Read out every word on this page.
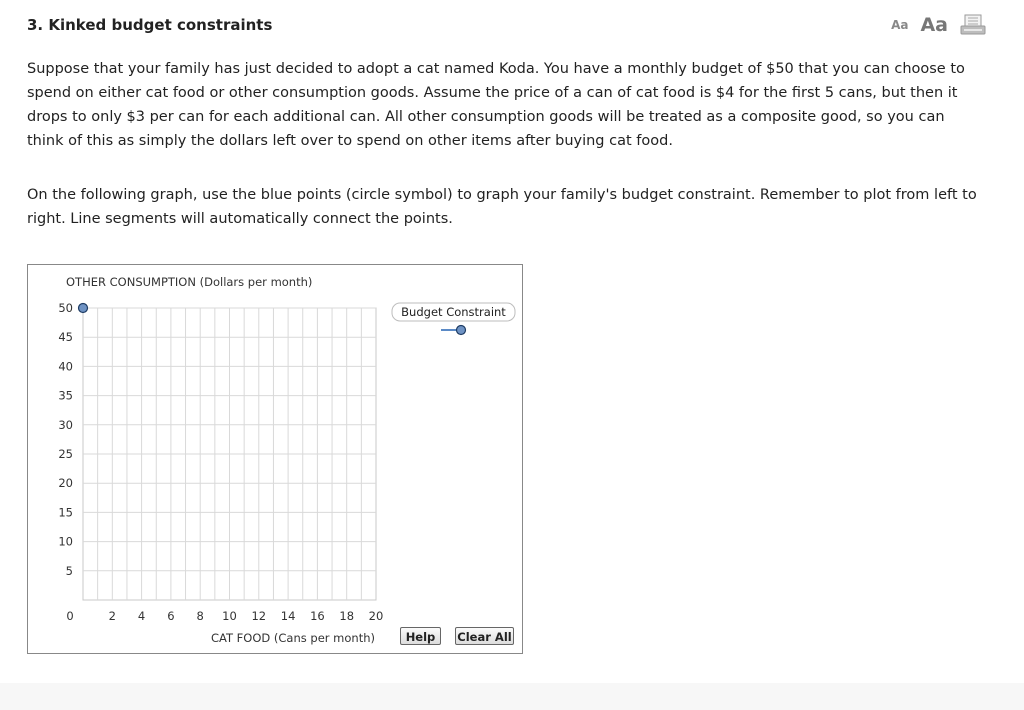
3. Kinked budget constraints	Aa Aa

Suppose that your family has just decided to adopt a cat named Koda. You have a monthly budget of $50 that you can choose to spend on either cat food or other consumption goods. Assume the price of a can of cat food is $4 for the first 5 cans, but then it drops to only $3 per can for each additional can. All other consumption goods will be treated as a composite good, so you can think of this as simply the dollars left over to spend on other items after buying cat food.

On the following graph, use the blue points (circle symbol) to graph your family's budget constraint. Remember to plot from left to right. Line segments will automatically connect the points.

5
10
15
20
25
30
35
40
45
50
0	2 4 6 8 10 12 14 16 18 20
OTHER CONSUMPTION (Dollars per month)
CAT FOOD (Cans per month)
Budget Constraint
Help	Clear All
